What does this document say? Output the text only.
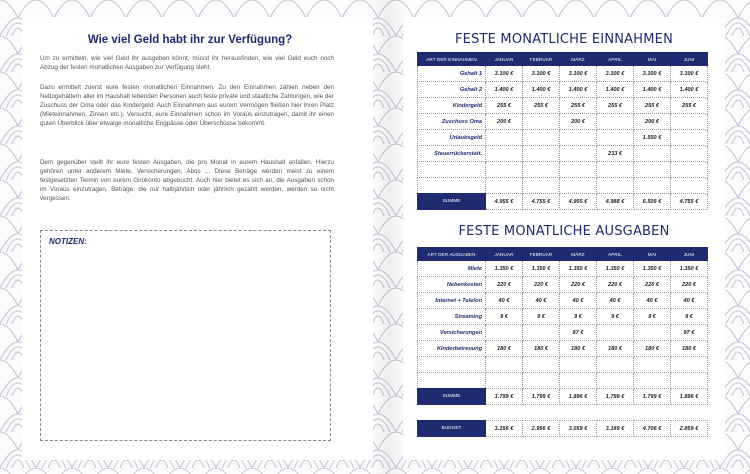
Wie viel Geld habt ihr zur Verfügung?

Um zu ermitteln, wie viel Geld ihr ausgeben könnt, müsst ihr herausfinden, wie viel Geld euch noch Abzug der festen monatlichen Ausgaben zur Verfügung steht.

Dazu ermittelt zuerst eure festen monatlichen Einnahmen. Zu den Einnahmen zählen neben den Nettogehältern aller im Haushalt lebenden Personen auch feste private und staatliche Zahlungen, wie der Zuschuss der Oma oder das Kindergeld. Auch Einnahmen aus eurem Vermögen fließen hier ihren Platz (Mieteinnahmen, Zinsen etc.). Versucht, eure Einnahmen schon im Voraus einzutragen, damit ihr einen guten Überblick über etwaige monatliche Engpässe oder Überschüsse bekommt.

Dem gegenüber stellt ihr eure festen Ausgaben, die pro Monat in eurem Haushalt anfallen. Hierzu gehören unter anderem Miete, Versicherungen, Abos ... Diese Beträge werden meist zu einem festgesetzten Termin von eurem Girokonto abgebucht. Auch hier bietet es sich an, die Ausgaben schon im Voraus einzutragen. Beträge, die nur halbjährlich oder jährlich gezahlt werden, werden so nicht vergessen.

NOTIZEN:
FESTE MONATLICHE EINNAHMEN
ART DER EINNAHMEN	JANUAR	FEBRUAR	MÄRZ	APRIL	MAI	JUNI
Gehalt 1	3.100 €	3.100 €	3.100 €	3.100 €	3.100 €	3.100 €
Gehalt 2	1.400 €	1.400 €	1.400 €	1.400 €	1.400 €	1.400 €
Kindergeld	255 €	255 €	255 €	255 €	255 €	255 €
Zuschuss Oma	200 €		200 €		200 €	
Urlaubsgeld					1.550 €	
Steuerrückerstatt.				233 €		

SUMME	4.955 €	4.755 €	4.955 €	4.988 €	6.505 €	4.755 €
FESTE MONATLICHE AUSGABEN
ART DER AUSGABEN	JANUAR	FEBRUAR	MÄRZ	APRIL	MAI	JUNI
Miete	1.350 €	1.350 €	1.350 €	1.350 €	1.350 €	1.350 €
Nebenkosten	220 €	220 €	220 €	220 €	220 €	220 €
Internet + Telefon	40 €	40 €	40 €	40 €	40 €	40 €
Streaming	9 €	9 €	9 €	9 €	9 €	9 €
Versicherungen			97 €			97 €
Kinderbetreuung	180 €	180 €	180 €	180 €	180 €	180 €

SUMME	1.799 €	1.799 €	1.896 €	1.799 €	1.799 €	1.896 €
BUDGET	3.156 €	2.956 €	3.059 €	3.189 €	4.706 €	2.859 €
